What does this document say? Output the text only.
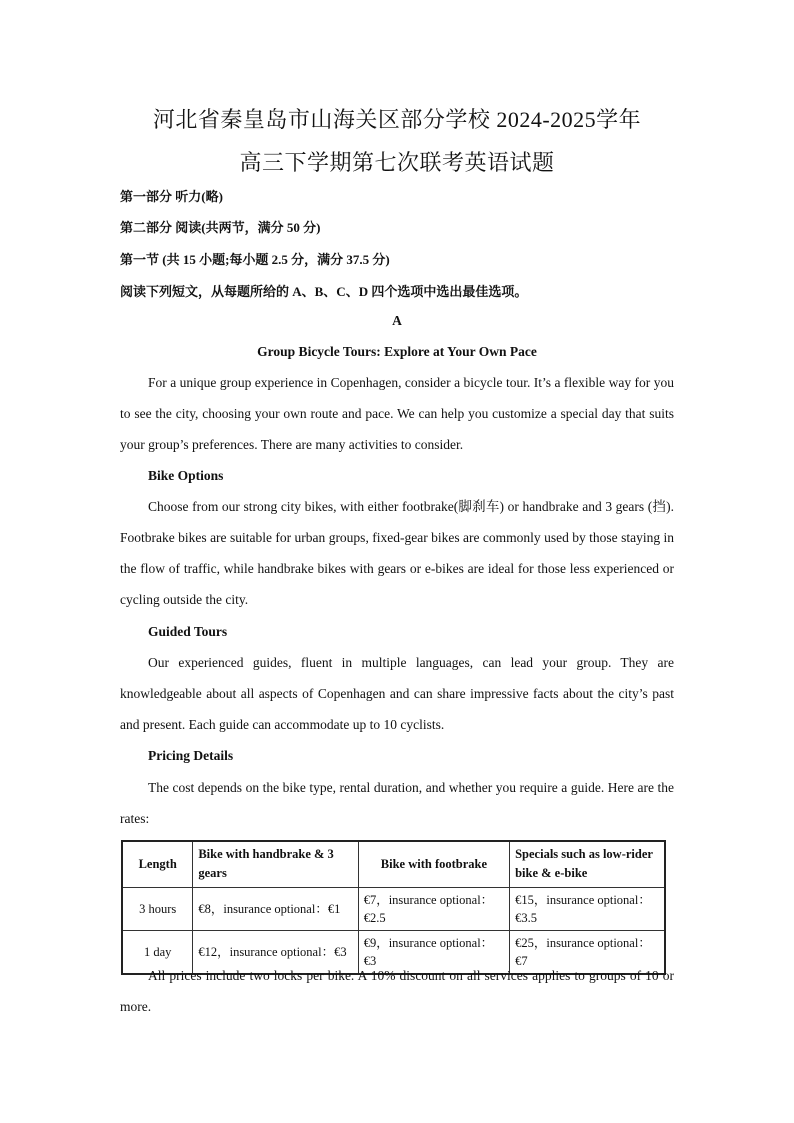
河北省秦皇岛市山海关区部分学校 2024-2025学年
高三下学期第七次联考英语试题
第一部分 听力(略)
第二部分 阅读(共两节，满分 50 分)
第一节 (共 15 小题;每小题 2.5 分，满分 37.5 分)
阅读下列短文，从每题所给的 A、B、C、D 四个选项中选出最佳选项。
A
Group Bicycle Tours: Explore at Your Own Pace
For a unique group experience in Copenhagen, consider a bicycle tour. It’s a flexible way for you to see the city, choosing your own route and pace. We can help you customize a special day that suits your group’s preferences. There are many activities to consider.
Bike Options
Choose from our strong city bikes, with either footbrake(脚刹车) or handbrake and 3 gears (挡). Footbrake bikes are suitable for urban groups, fixed-gear bikes are commonly used by those staying in the flow of traffic, while handbrake bikes with gears or e-bikes are ideal for those less experienced or cycling outside the city.
Guided Tours
Our experienced guides, fluent in multiple languages, can lead your group. They are knowledgeable about all aspects of Copenhagen and can share impressive facts about the city’s past and present. Each guide can accommodate up to 10 cyclists.
Pricing Details
The cost depends on the bike type, rental duration, and whether you require a guide. Here are the rates:
Length	Bike with handbrake & 3 gears	Bike with footbrake	Specials such as low-rider bike & e-bike
3 hours	€8，insurance optional：€1	€7，insurance optional：€2.5	€15，insurance optional：€3.5
1 day	€12，insurance optional：€3	€9，insurance optional：€3	€25，insurance optional：€7
All prices include two locks per bike. A 10% discount on all services applies to groups of 10 or more.
